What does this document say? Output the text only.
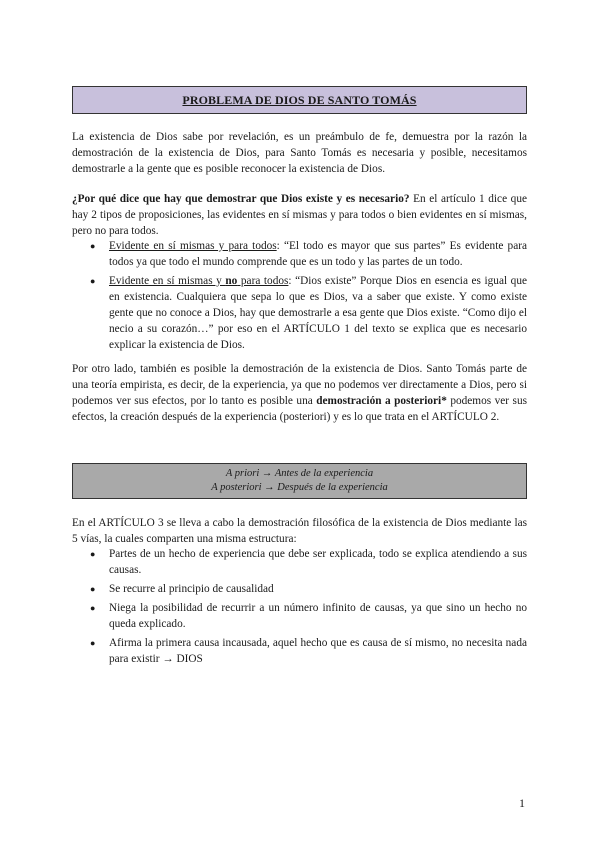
PROBLEMA DE DIOS DE SANTO TOMÁS

La existencia de Dios sabe por revelación, es un preámbulo de fe, demuestra por la razón la demostración de la existencia de Dios, para Santo Tomás es necesaria y posible, necesitamos demostrarle a la gente que es posible reconocer la existencia de Dios.

¿Por qué dice que hay que demostrar que Dios existe y es necesario? En el artículo 1 dice que hay 2 tipos de proposiciones, las evidentes en sí mismas y para todos o bien evidentes en sí mismas, pero no para todos.

● Evidente en sí mismas y para todos: “El todo es mayor que sus partes” Es evidente para todos ya que todo el mundo comprende que es un todo y las partes de un todo.
● Evidente en sí mismas y no para todos: “Dios existe” Porque Dios en esencia es igual que en existencia. Cualquiera que sepa lo que es Dios, va a saber que existe. Y como existe gente que no conoce a Dios, hay que demostrarle a esa gente que Dios existe. “Como dijo el necio a su corazón…” por eso en el ARTÍCULO 1 del texto se explica que es necesario explicar la existencia de Dios.

Por otro lado, también es posible la demostración de la existencia de Dios. Santo Tomás parte de una teoría empirista, es decir, de la experiencia, ya que no podemos ver directamente a Dios, pero si podemos ver sus efectos, por lo tanto es posible una demostración a posteriori* podemos ver sus efectos, la creación después de la experiencia (posteriori) y es lo que trata en el ARTÍCULO 2.

A priori → Antes de la experiencia
A posteriori → Después de la experiencia

En el ARTÍCULO 3 se lleva a cabo la demostración filosófica de la existencia de Dios mediante las 5 vías, la cuales comparten una misma estructura:

● Partes de un hecho de experiencia que debe ser explicada, todo se explica atendiendo a sus causas.
● Se recurre al principio de causalidad
● Niega la posibilidad de recurrir a un número infinito de causas, ya que sino un hecho no queda explicado.
● Afirma la primera causa incausada, aquel hecho que es causa de sí mismo, no necesita nada para existir → DIOS
1
